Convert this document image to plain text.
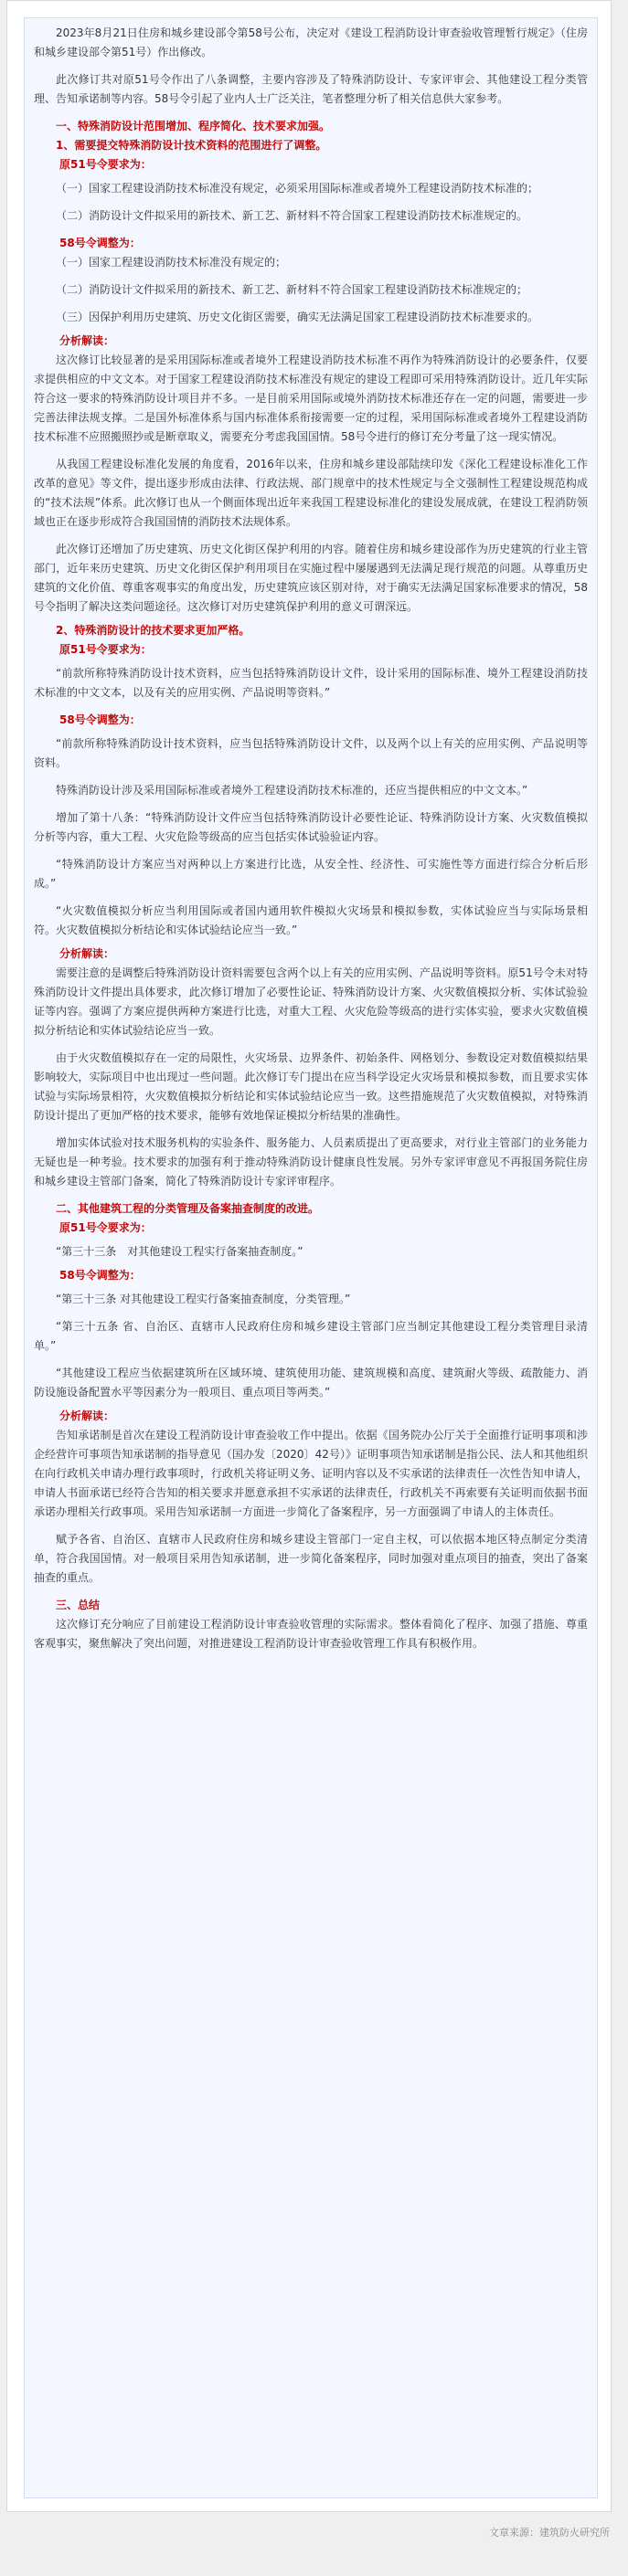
2023年8月21日住房和城乡建设部令第58号公布，决定对《建设工程消防设计审查验收管理暂行规定》（住房和城乡建设部令第51号）作出修改。

此次修订共对原51号令作出了八条调整，主要内容涉及了特殊消防设计、专家评审会、其他建设工程分类管理、告知承诺制等内容。58号令引起了业内人士广泛关注，笔者整理分析了相关信息供大家参考。

一、特殊消防设计范围增加、程序简化、技术要求加强。

1、需要提交特殊消防设计技术资料的范围进行了调整。

原51号令要求为：

（一）国家工程建设消防技术标准没有规定，必须采用国际标准或者境外工程建设消防技术标准的；

（二）消防设计文件拟采用的新技术、新工艺、新材料不符合国家工程建设消防技术标准规定的。

58号令调整为：

（一）国家工程建设消防技术标准没有规定的；

（二）消防设计文件拟采用的新技术、新工艺、新材料不符合国家工程建设消防技术标准规定的；

（三）因保护利用历史建筑、历史文化街区需要，确实无法满足国家工程建设消防技术标准要求的。

分析解读：

这次修订比较显著的是采用国际标准或者境外工程建设消防技术标准不再作为特殊消防设计的必要条件，仅要求提供相应的中文文本。对于国家工程建设消防技术标准没有规定的建设工程即可采用特殊消防设计。近几年实际符合这一要求的特殊消防设计项目并不多。一是目前采用国际或境外消防技术标准还存在一定的问题，需要进一步完善法律法规支撑。二是国外标准体系与国内标准体系衔接需要一定的过程，采用国际标准或者境外工程建设消防技术标准不应照搬照抄或是断章取义，需要充分考虑我国国情。58号令进行的修订充分考量了这一现实情况。

从我国工程建设标准化发展的角度看，2016年以来，住房和城乡建设部陆续印发《深化工程建设标准化工作改革的意见》等文件，提出逐步形成由法律、行政法规、部门规章中的技术性规定与全文强制性工程建设规范构成的“技术法规”体系。此次修订也从一个侧面体现出近年来我国工程建设标准化的建设发展成就，在建设工程消防领域也正在逐步形成符合我国国情的消防技术法规体系。

此次修订还增加了历史建筑、历史文化街区保护利用的内容。随着住房和城乡建设部作为历史建筑的行业主管部门，近年来历史建筑、历史文化街区保护利用项目在实施过程中屡屡遇到无法满足现行规范的问题。从尊重历史建筑的文化价值、尊重客观事实的角度出发，历史建筑应该区别对待，对于确实无法满足国家标准要求的情况，58号令指明了解决这类问题途径。这次修订对历史建筑保护利用的意义可谓深远。

2、特殊消防设计的技术要求更加严格。

原51号令要求为：

“前款所称特殊消防设计技术资料，应当包括特殊消防设计文件，设计采用的国际标准、境外工程建设消防技术标准的中文文本，以及有关的应用实例、产品说明等资料。”

58号令调整为：

“前款所称特殊消防设计技术资料，应当包括特殊消防设计文件，以及两个以上有关的应用实例、产品说明等资料。

特殊消防设计涉及采用国际标准或者境外工程建设消防技术标准的，还应当提供相应的中文文本。”

增加了第十八条：“特殊消防设计文件应当包括特殊消防设计必要性论证、特殊消防设计方案、火灾数值模拟分析等内容，重大工程、火灾危险等级高的应当包括实体试验验证内容。

“特殊消防设计方案应当对两种以上方案进行比选，从安全性、经济性、可实施性等方面进行综合分析后形成。”

“火灾数值模拟分析应当利用国际或者国内通用软件模拟火灾场景和模拟参数，实体试验应当与实际场景相符。火灾数值模拟分析结论和实体试验结论应当一致。”

分析解读：

需要注意的是调整后特殊消防设计资料需要包含两个以上有关的应用实例、产品说明等资料。原51号令未对特殊消防设计文件提出具体要求，此次修订增加了必要性论证、特殊消防设计方案、火灾数值模拟分析、实体试验验证等内容。强调了方案应提供两种方案进行比选，对重大工程、火灾危险等级高的进行实体实验，要求火灾数值模拟分析结论和实体试验结论应当一致。

由于火灾数值模拟存在一定的局限性，火灾场景、边界条件、初始条件、网格划分、参数设定对数值模拟结果影响较大，实际项目中也出现过一些问题。此次修订专门提出在应当科学设定火灾场景和模拟参数，而且要求实体试验与实际场景相符，火灾数值模拟分析结论和实体试验结论应当一致。这些措施规范了火灾数值模拟，对特殊消防设计提出了更加严格的技术要求，能够有效地保证模拟分析结果的准确性。

增加实体试验对技术服务机构的实验条件、服务能力、人员素质提出了更高要求，对行业主管部门的业务能力无疑也是一种考验。技术要求的加强有利于推动特殊消防设计健康良性发展。另外专家评审意见不再报国务院住房和城乡建设主管部门备案，简化了特殊消防设计专家评审程序。

二、其他建筑工程的分类管理及备案抽查制度的改进。

原51号令要求为：

“第三十三条　对其他建设工程实行备案抽查制度。”

58号令调整为：

“第三十三条 对其他建设工程实行备案抽查制度，分类管理。”

“第三十五条 省、自治区、直辖市人民政府住房和城乡建设主管部门应当制定其他建设工程分类管理目录清单。”

“其他建设工程应当依据建筑所在区域环境、建筑使用功能、建筑规模和高度、建筑耐火等级、疏散能力、消防设施设备配置水平等因素分为一般项目、重点项目等两类。”

分析解读：

告知承诺制是首次在建设工程消防设计审查验收工作中提出。依据《国务院办公厅关于全面推行证明事项和涉企经营许可事项告知承诺制的指导意见（国办发〔2020〕42号）》证明事项告知承诺制是指公民、法人和其他组织在向行政机关申请办理行政事项时，行政机关将证明义务、证明内容以及不实承诺的法律责任一次性告知申请人，申请人书面承诺已经符合告知的相关要求并愿意承担不实承诺的法律责任，行政机关不再索要有关证明而依据书面承诺办理相关行政事项。采用告知承诺制一方面进一步简化了备案程序，另一方面强调了申请人的主体责任。

赋予各省、自治区、直辖市人民政府住房和城乡建设主管部门一定自主权，可以依据本地区特点制定分类清单，符合我国国情。对一般项目采用告知承诺制，进一步简化备案程序，同时加强对重点项目的抽查，突出了备案抽查的重点。

三、总结

这次修订充分响应了目前建设工程消防设计审查验收管理的实际需求。整体看简化了程序、加强了措施、尊重客观事实，聚焦解决了突出问题，对推进建设工程消防设计审查验收管理工作具有积极作用。

文章来源：建筑防火研究所
